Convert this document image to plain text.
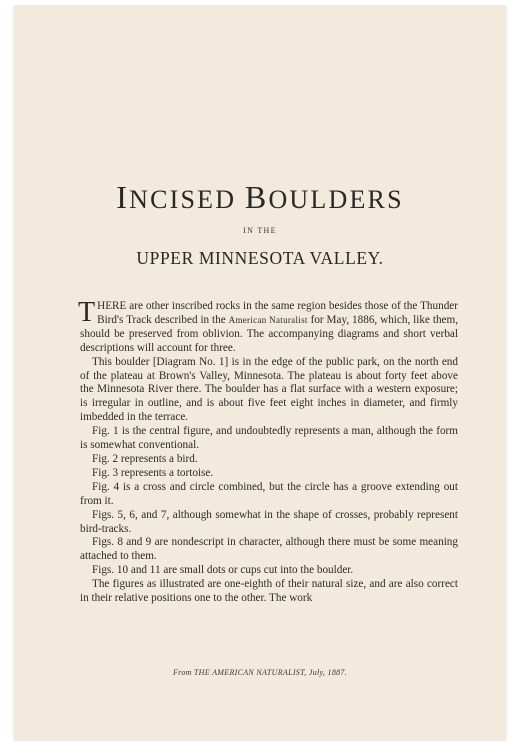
INCISED BOULDERS
IN THE
UPPER MINNESOTA VALLEY.

THERE are other inscribed rocks in the same region besides those of the Thunder Bird's Track described in the American Naturalist for May, 1886, which, like them, should be preserved from oblivion. The accompanying diagrams and short verbal descriptions will account for three.

This boulder [Diagram No. 1] is in the edge of the public park, on the north end of the plateau at Brown's Valley, Minnesota. The plateau is about forty feet above the Minnesota River there. The boulder has a flat surface with a western exposure; is irregular in outline, and is about five feet eight inches in diameter, and firmly imbedded in the terrace.

Fig. 1 is the central figure, and undoubtedly represents a man, although the form is somewhat conventional.

Fig. 2 represents a bird.

Fig. 3 represents a tortoise.

Fig. 4 is a cross and circle combined, but the circle has a groove extending out from it.

Figs. 5, 6, and 7, although somewhat in the shape of crosses, probably represent bird-tracks.

Figs. 8 and 9 are nondescript in character, although there must be some meaning attached to them.

Figs. 10 and 11 are small dots or cups cut into the boulder.

The figures as illustrated are one-eighth of their natural size, and are also correct in their relative positions one to the other. The work

From THE AMERICAN NATURALIST, July, 1887.
